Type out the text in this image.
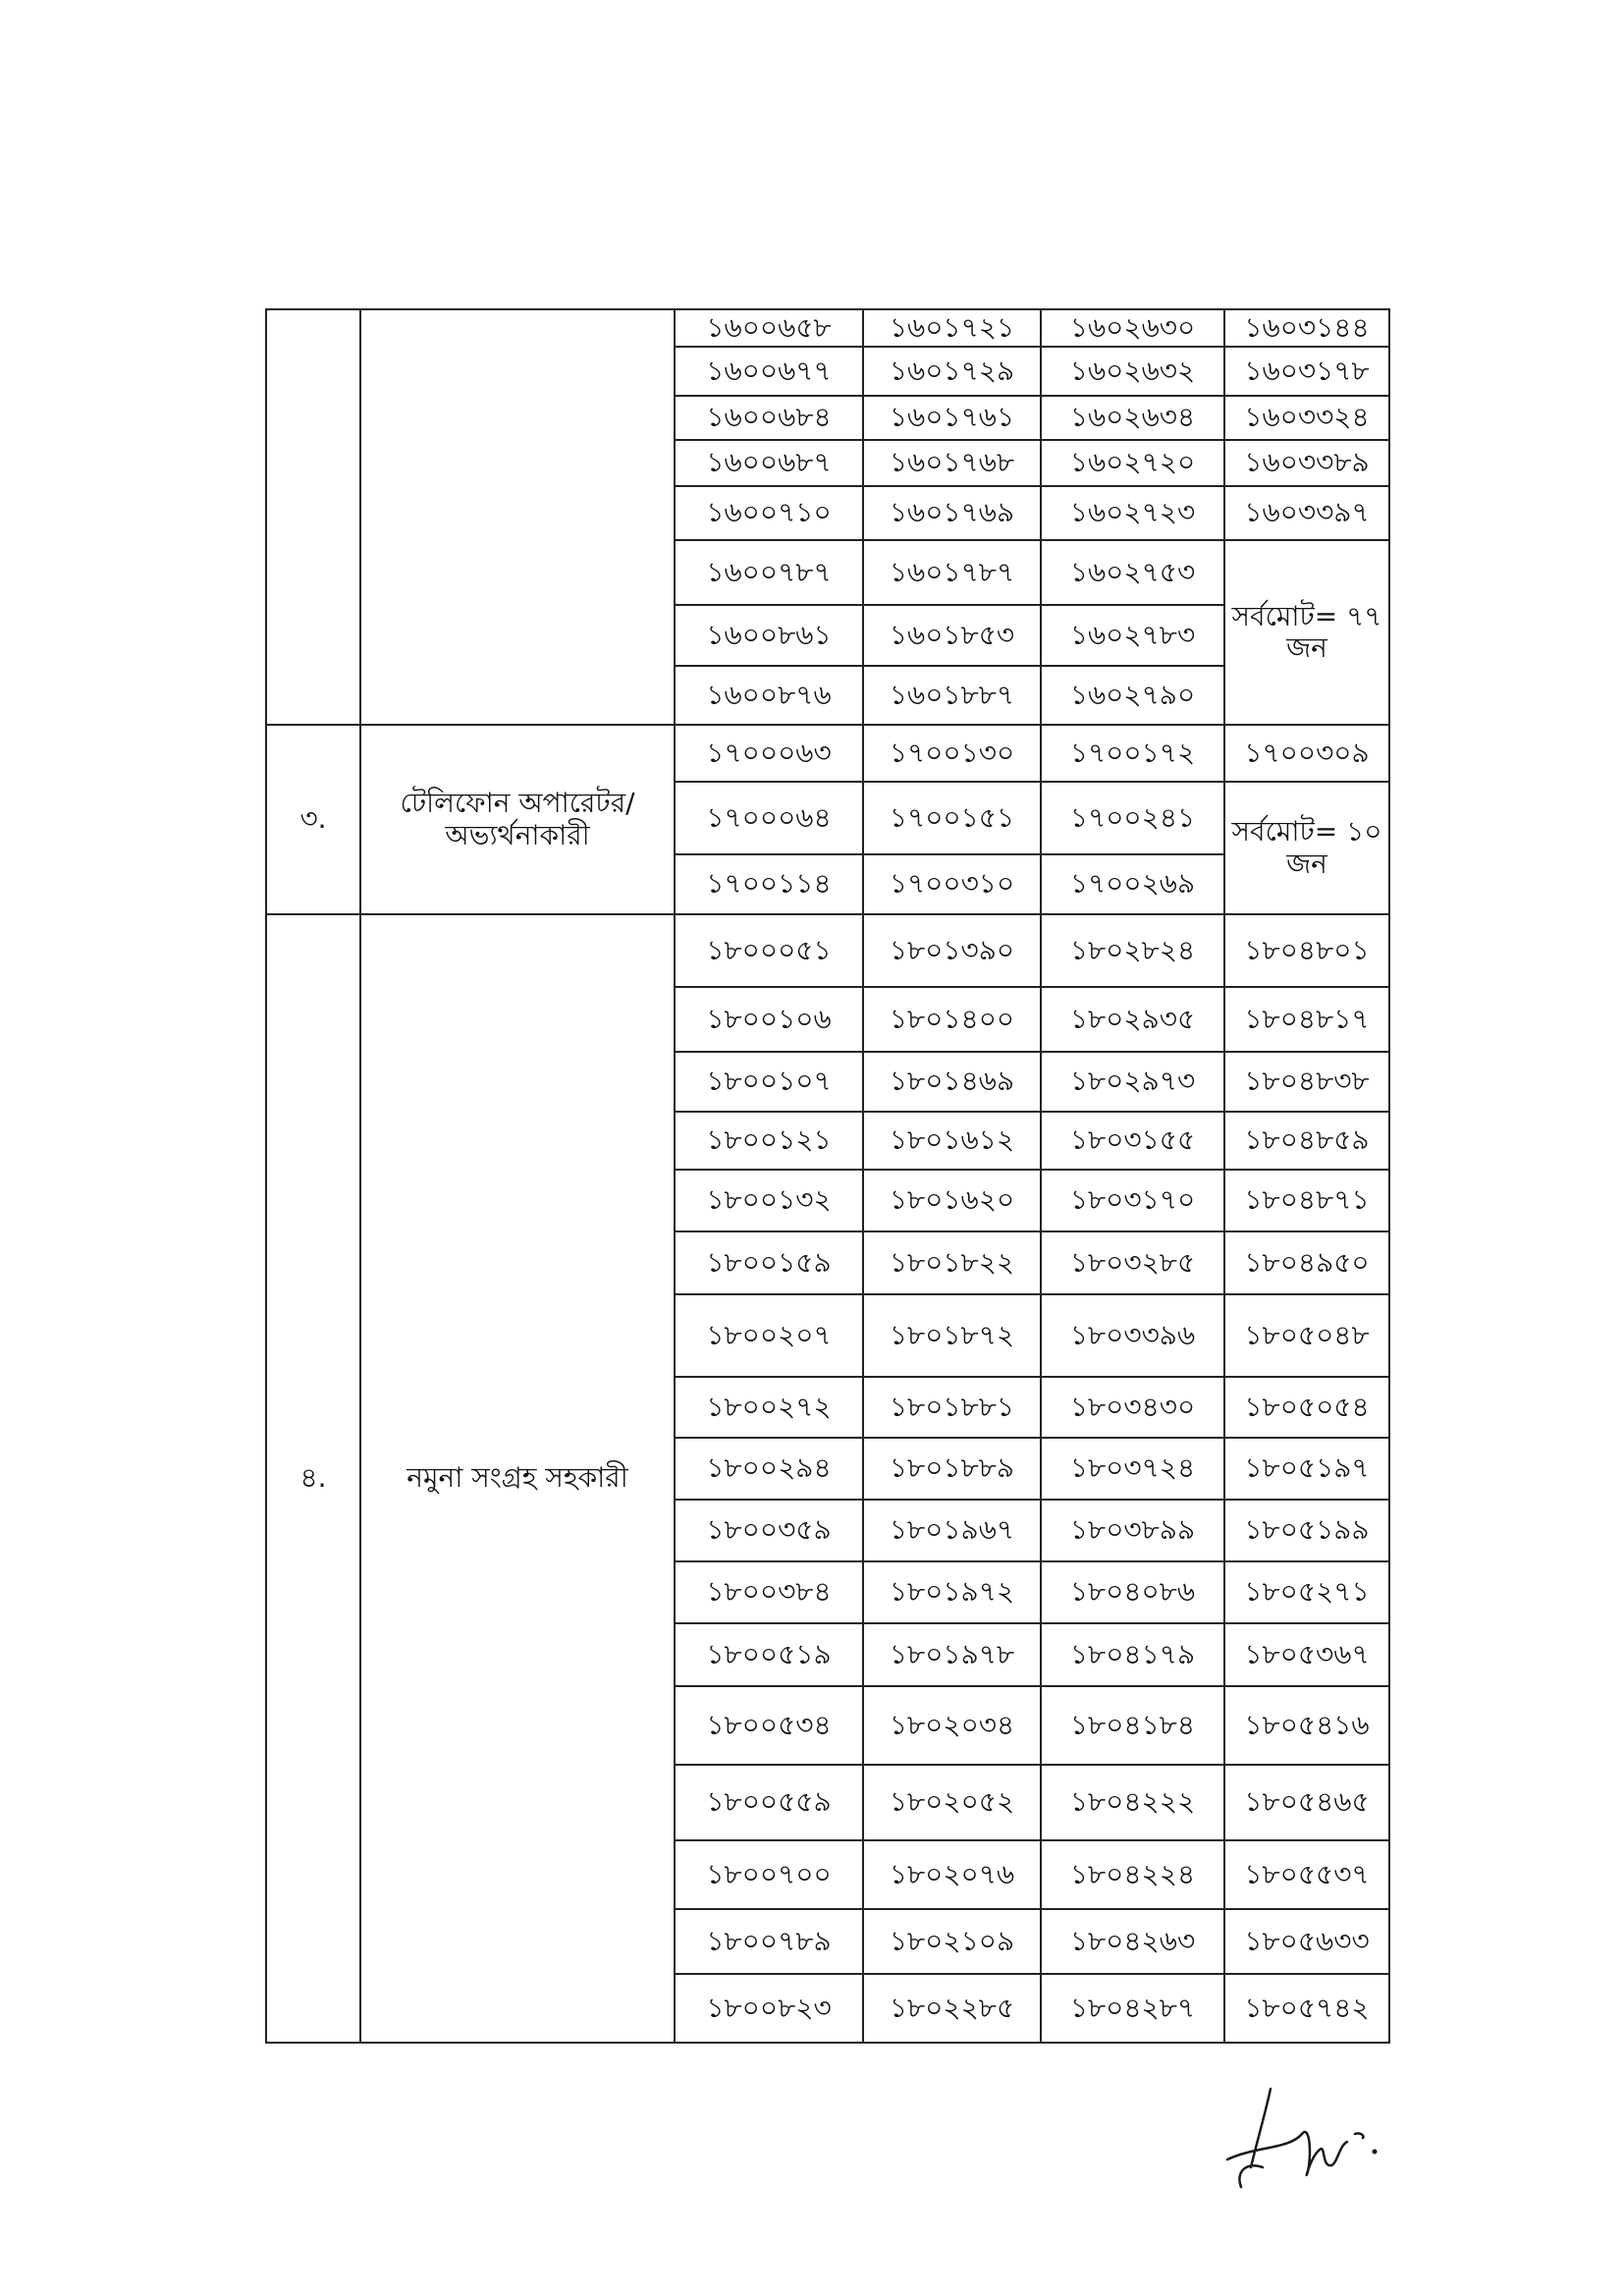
		১৬০০৬৫৮	১৬০১৭২১	১৬০২৬৩০	১৬০৩১৪৪
		১৬০০৬৭৭	১৬০১৭২৯	১৬০২৬৩২	১৬০৩১৭৮
		১৬০০৬৮৪	১৬০১৭৬১	১৬০২৬৩৪	১৬০৩৩২৪
		১৬০০৬৮৭	১৬০১৭৬৮	১৬০২৭২০	১৬০৩৩৮৯
		১৬০০৭১০	১৬০১৭৬৯	১৬০২৭২৩	১৬০৩৩৯৭
		১৬০০৭৮৭	১৬০১৭৮৭	১৬০২৭৫৩	সর্বমোট= ৭৭ জন
		১৬০০৮৬১	১৬০১৮৫৩	১৬০২৭৮৩	
		১৬০০৮৭৬	১৬০১৮৮৭	১৬০২৭৯০	
৩.	টেলিফোন অপারেটর/অভ্যর্থনাকারী	১৭০০০৬৩	১৭০০১৩০	১৭০০১৭২	১৭০০৩০৯
		১৭০০০৬৪	১৭০০১৫১	১৭০০২৪১	সর্বমোট= ১০ জন
		১৭০০১১৪	১৭০০৩১০	১৭০০২৬৯	
৪.	নমুনা সংগ্রহ সহকারী	১৮০০০৫১	১৮০১৩৯০	১৮০২৮২৪	১৮০৪৮০১
		১৮০০১০৬	১৮০১৪০০	১৮০২৯৩৫	১৮০৪৮১৭
		১৮০০১০৭	১৮০১৪৬৯	১৮০২৯৭৩	১৮০৪৮৩৮
		১৮০০১২১	১৮০১৬১২	১৮০৩১৫৫	১৮০৪৮৫৯
		১৮০০১৩২	১৮০১৬২০	১৮০৩১৭০	১৮০৪৮৭১
		১৮০০১৫৯	১৮০১৮২২	১৮০৩২৮৫	১৮০৪৯৫০
		১৮০০২০৭	১৮০১৮৭২	১৮০৩৩৯৬	১৮০৫০৪৮
		১৮০০২৭২	১৮০১৮৮১	১৮০৩৪৩০	১৮০৫০৫৪
		১৮০০২৯৪	১৮০১৮৮৯	১৮০৩৭২৪	১৮০৫১৯৭
		১৮০০৩৫৯	১৮০১৯৬৭	১৮০৩৮৯৯	১৮০৫১৯৯
		১৮০০৩৮৪	১৮০১৯৭২	১৮০৪০৮৬	১৮০৫২৭১
		১৮০০৫১৯	১৮০১৯৭৮	১৮০৪১৭৯	১৮০৫৩৬৭
		১৮০০৫৩৪	১৮০২০৩৪	১৮০৪১৮৪	১৮০৫৪১৬
		১৮০০৫৫৯	১৮০২০৫২	১৮০৪২২২	১৮০৫৪৬৫
		১৮০০৭০০	১৮০২০৭৬	১৮০৪২২৪	১৮০৫৫৩৭
		১৮০০৭৮৯	১৮০২১০৯	১৮০৪২৬৩	১৮০৫৬৩৩
		১৮০০৮২৩	১৮০২২৮৫	১৮০৪২৮৭	১৮০৫৭৪২
